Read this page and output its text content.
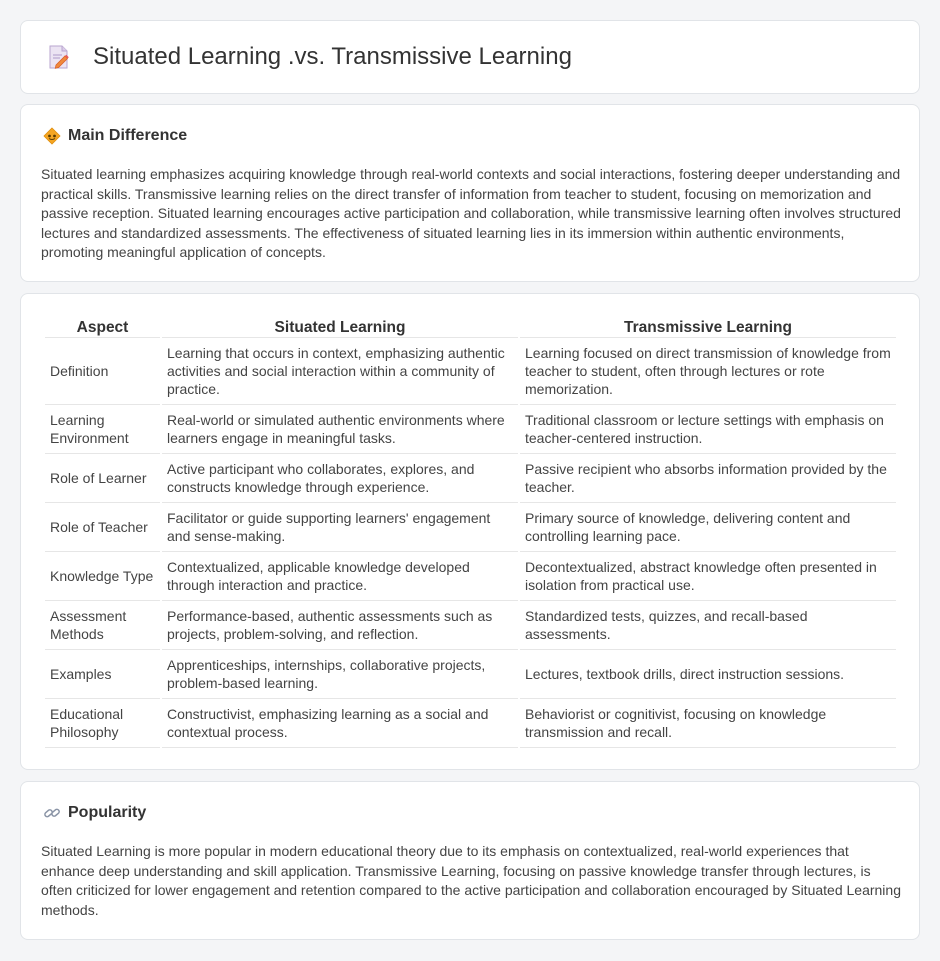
Situated Learning .vs. Transmissive Learning
Main Difference

Situated learning emphasizes acquiring knowledge through real-world contexts and social interactions, fostering deeper understanding and practical skills. Transmissive learning relies on the direct transfer of information from teacher to student, focusing on memorization and passive reception. Situated learning encourages active participation and collaboration, while transmissive learning often involves structured lectures and standardized assessments. The effectiveness of situated learning lies in its immersion within authentic environments, promoting meaningful application of concepts.

Aspect	Situated Learning	Transmissive Learning
Definition	Learning that occurs in context, emphasizing authentic activities and social interaction within a community of practice.	Learning focused on direct transmission of knowledge from teacher to student, often through lectures or rote memorization.
Learning Environment	Real-world or simulated authentic environments where learners engage in meaningful tasks.	Traditional classroom or lecture settings with emphasis on teacher-centered instruction.
Role of Learner	Active participant who collaborates, explores, and constructs knowledge through experience.	Passive recipient who absorbs information provided by the teacher.
Role of Teacher	Facilitator or guide supporting learners' engagement and sense-making.	Primary source of knowledge, delivering content and controlling learning pace.
Knowledge Type	Contextualized, applicable knowledge developed through interaction and practice.	Decontextualized, abstract knowledge often presented in isolation from practical use.
Assessment Methods	Performance-based, authentic assessments such as projects, problem-solving, and reflection.	Standardized tests, quizzes, and recall-based assessments.
Examples	Apprenticeships, internships, collaborative projects, problem-based learning.	Lectures, textbook drills, direct instruction sessions.
Educational Philosophy	Constructivist, emphasizing learning as a social and contextual process.	Behaviorist or cognitivist, focusing on knowledge transmission and recall.
Popularity

Situated Learning is more popular in modern educational theory due to its emphasis on contextualized, real-world experiences that enhance deep understanding and skill application. Transmissive Learning, focusing on passive knowledge transfer through lectures, is often criticized for lower engagement and retention compared to the active participation and collaboration encouraged by Situated Learning methods.
